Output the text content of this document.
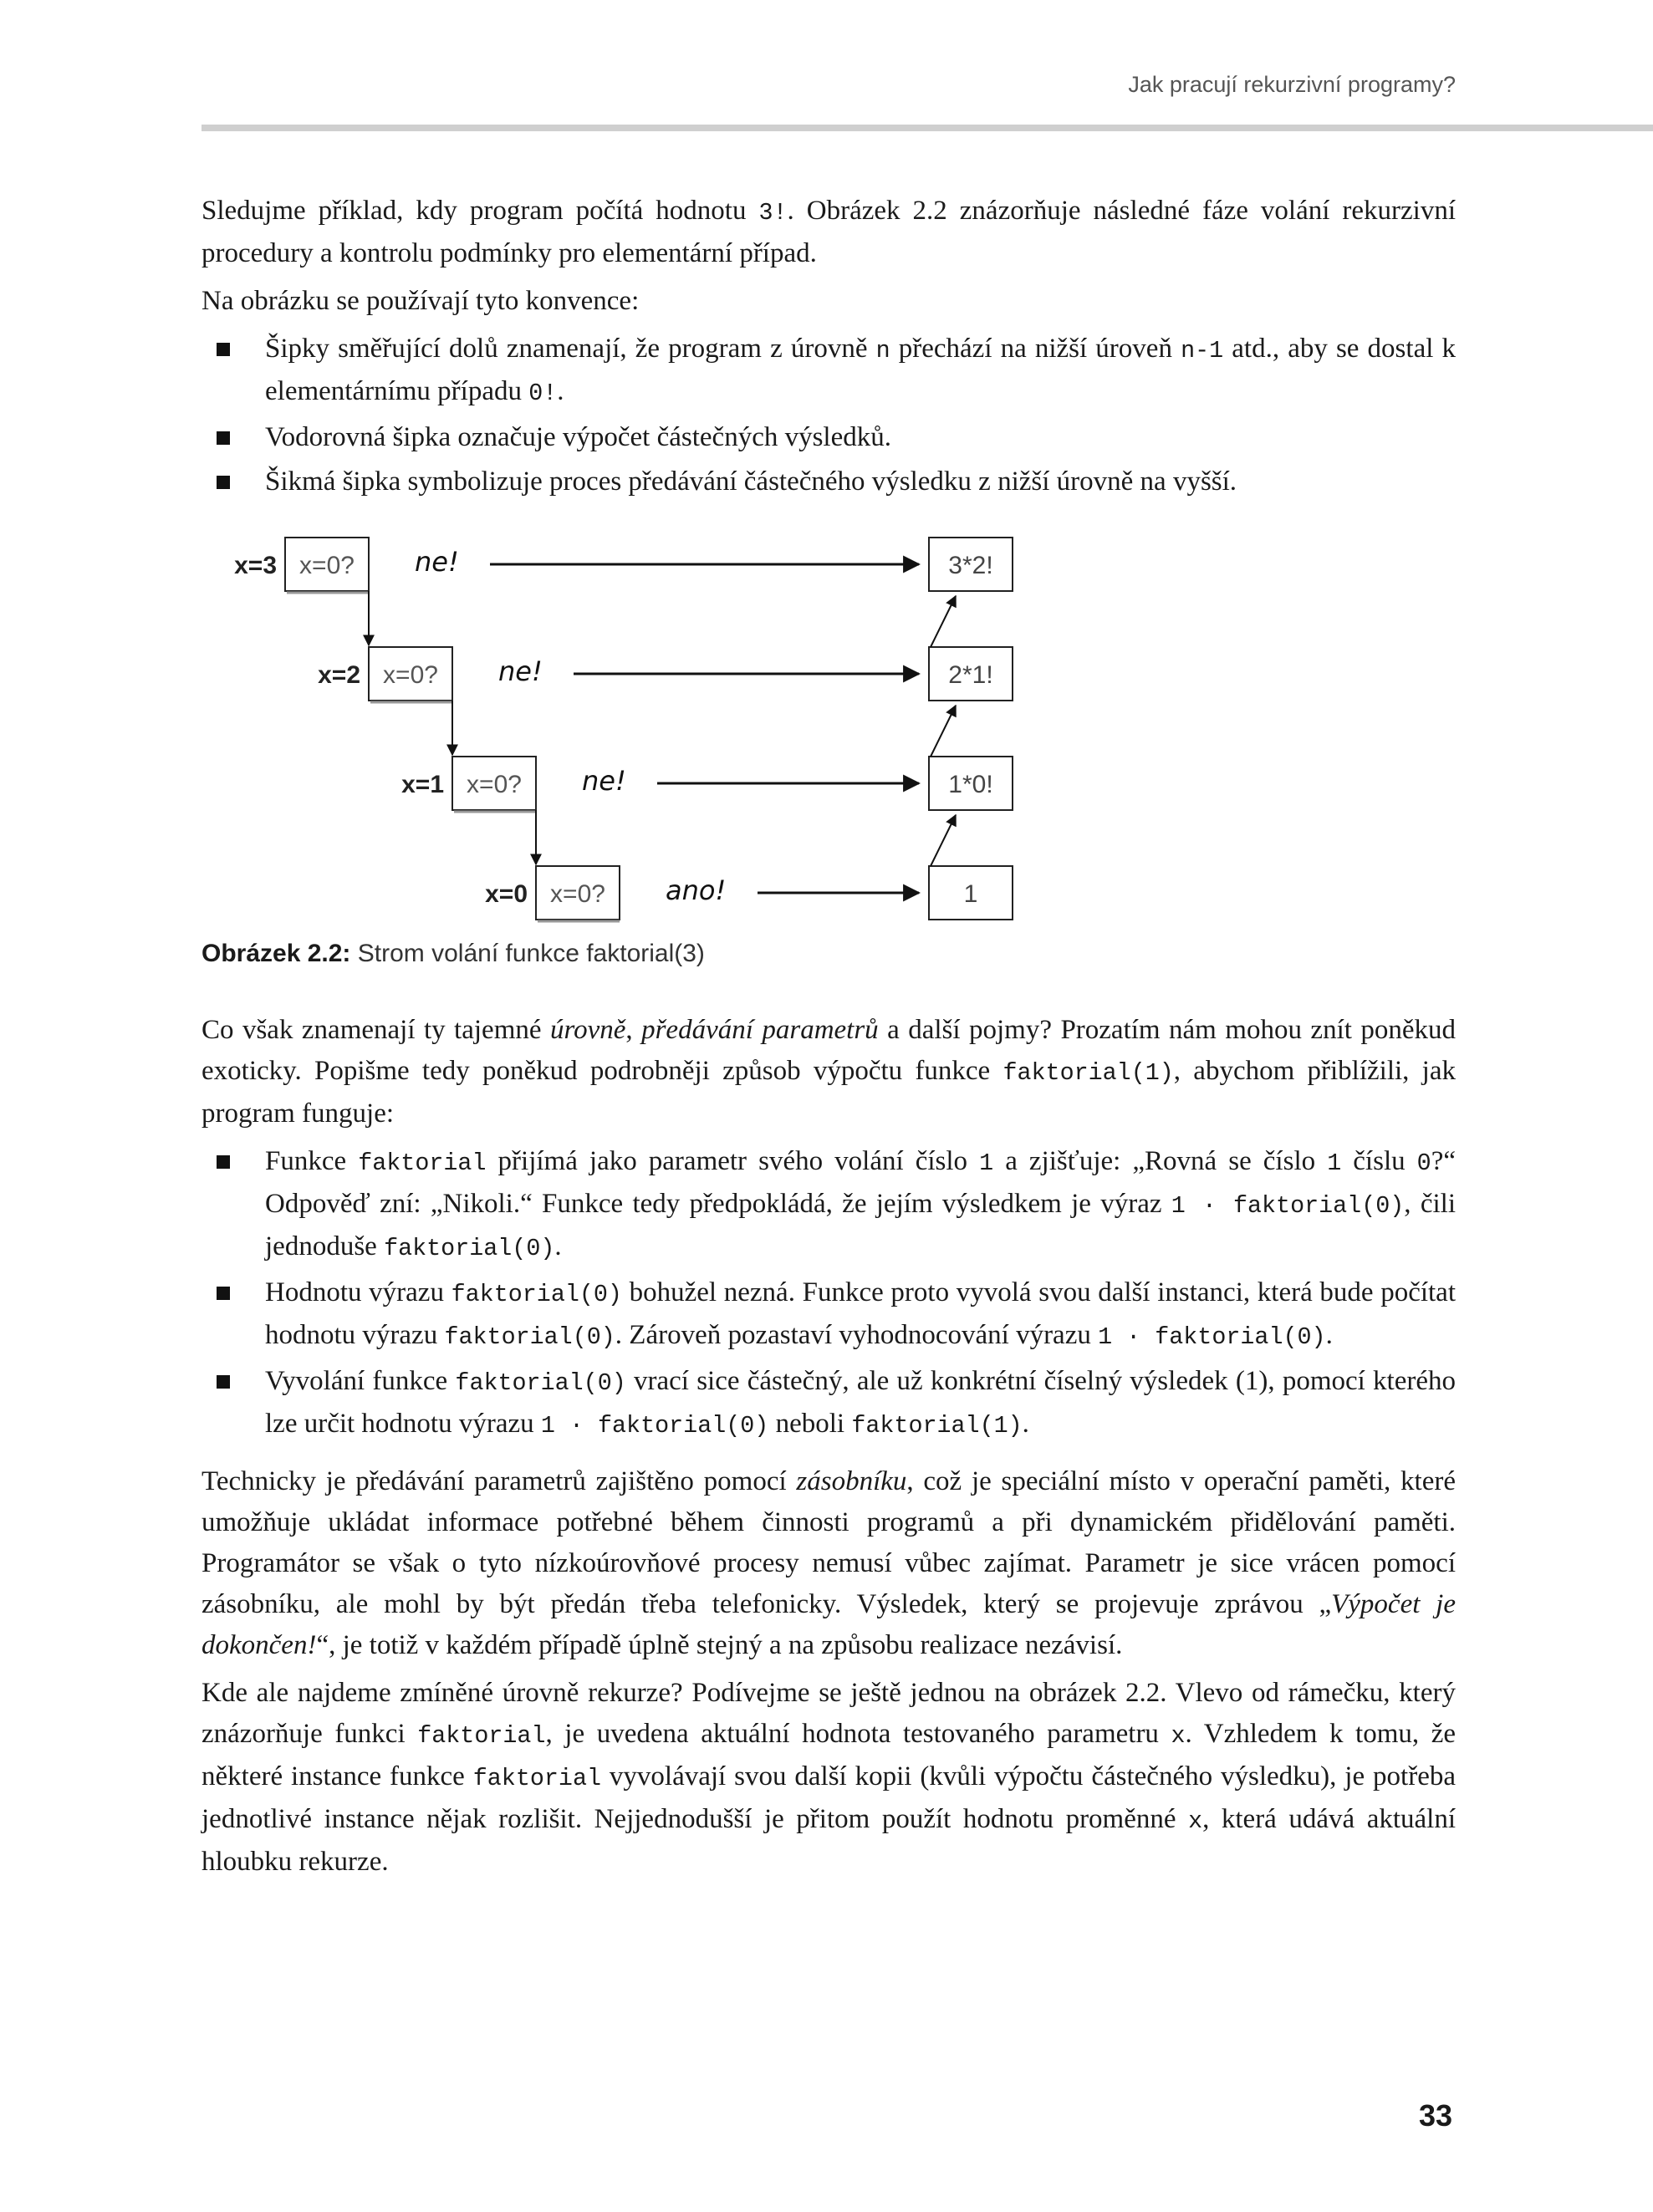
Jak pracují rekurzivní programy?

Sledujme příklad, kdy program počítá hodnotu 3!. Obrázek 2.2 znázorňuje následné fáze volání rekurzivní procedury a kontrolu podmínky pro elementární případ.

Na obrázku se používají tyto konvence:

Šipky směřující dolů znamenají, že program z úrovně n přechází na nižší úroveň n-1 atd., aby se dostal k elementárnímu případu 0!.
Vodorovná šipka označuje výpočet částečných výsledků.
Šikmá šipka symbolizuje proces předávání částečného výsledku z nižší úrovně na vyšší.
x=3 x=0? ne!	3*2!
x=2 x=0? ne!	2*1!
x=1 x=0? ne!	1*0!
x=0 x=0? ano!	1
Obrázek 2.2: Strom volání funkce faktorial(3)

Co však znamenají ty tajemné úrovně, předávání parametrů a další pojmy? Prozatím nám mohou znít poněkud exoticky. Popišme tedy poněkud podrobněji způsob výpočtu funkce faktorial(1), abychom přiblížili, jak program funguje:

Funkce faktorial přijímá jako parametr svého volání číslo 1 a zjišťuje: „Rovná se číslo 1 číslu 0?“ Odpověď zní: „Nikoli.“ Funkce tedy předpokládá, že jejím výsledkem je výraz 1 · faktorial(0), čili jednoduše faktorial(0).
Hodnotu výrazu faktorial(0) bohužel nezná. Funkce proto vyvolá svou další instanci, která bude počítat hodnotu výrazu faktorial(0). Zároveň pozastaví vyhodnocování výrazu 1 · faktorial(0).
Vyvolání funkce faktorial(0) vrací sice částečný, ale už konkrétní číselný výsledek (1), pomocí kterého lze určit hodnotu výrazu 1 · faktorial(0) neboli faktorial(1).

Technicky je předávání parametrů zajištěno pomocí zásobníku, což je speciální místo v operační paměti, které umožňuje ukládat informace potřebné během činnosti programů a při dynamickém přidělování paměti. Programátor se však o tyto nízkoúrovňové procesy nemusí vůbec zajímat. Parametr je sice vrácen pomocí zásobníku, ale mohl by být předán třeba telefonicky. Výsledek, který se projevuje zprávou „Výpočet je dokončen!“, je totiž v každém případě úplně stejný a na způsobu realizace nezávisí.

Kde ale najdeme zmíněné úrovně rekurze? Podívejme se ještě jednou na obrázek 2.2. Vlevo od rámečku, který znázorňuje funkci faktorial, je uvedena aktuální hodnota testovaného parametru x. Vzhledem k tomu, že některé instance funkce faktorial vyvolávají svou další kopii (kvůli výpočtu částečného výsledku), je potřeba jednotlivé instance nějak rozlišit. Nejjednodušší je přitom použít hodnotu proměnné x, která udává aktuální hloubku rekurze.

33
